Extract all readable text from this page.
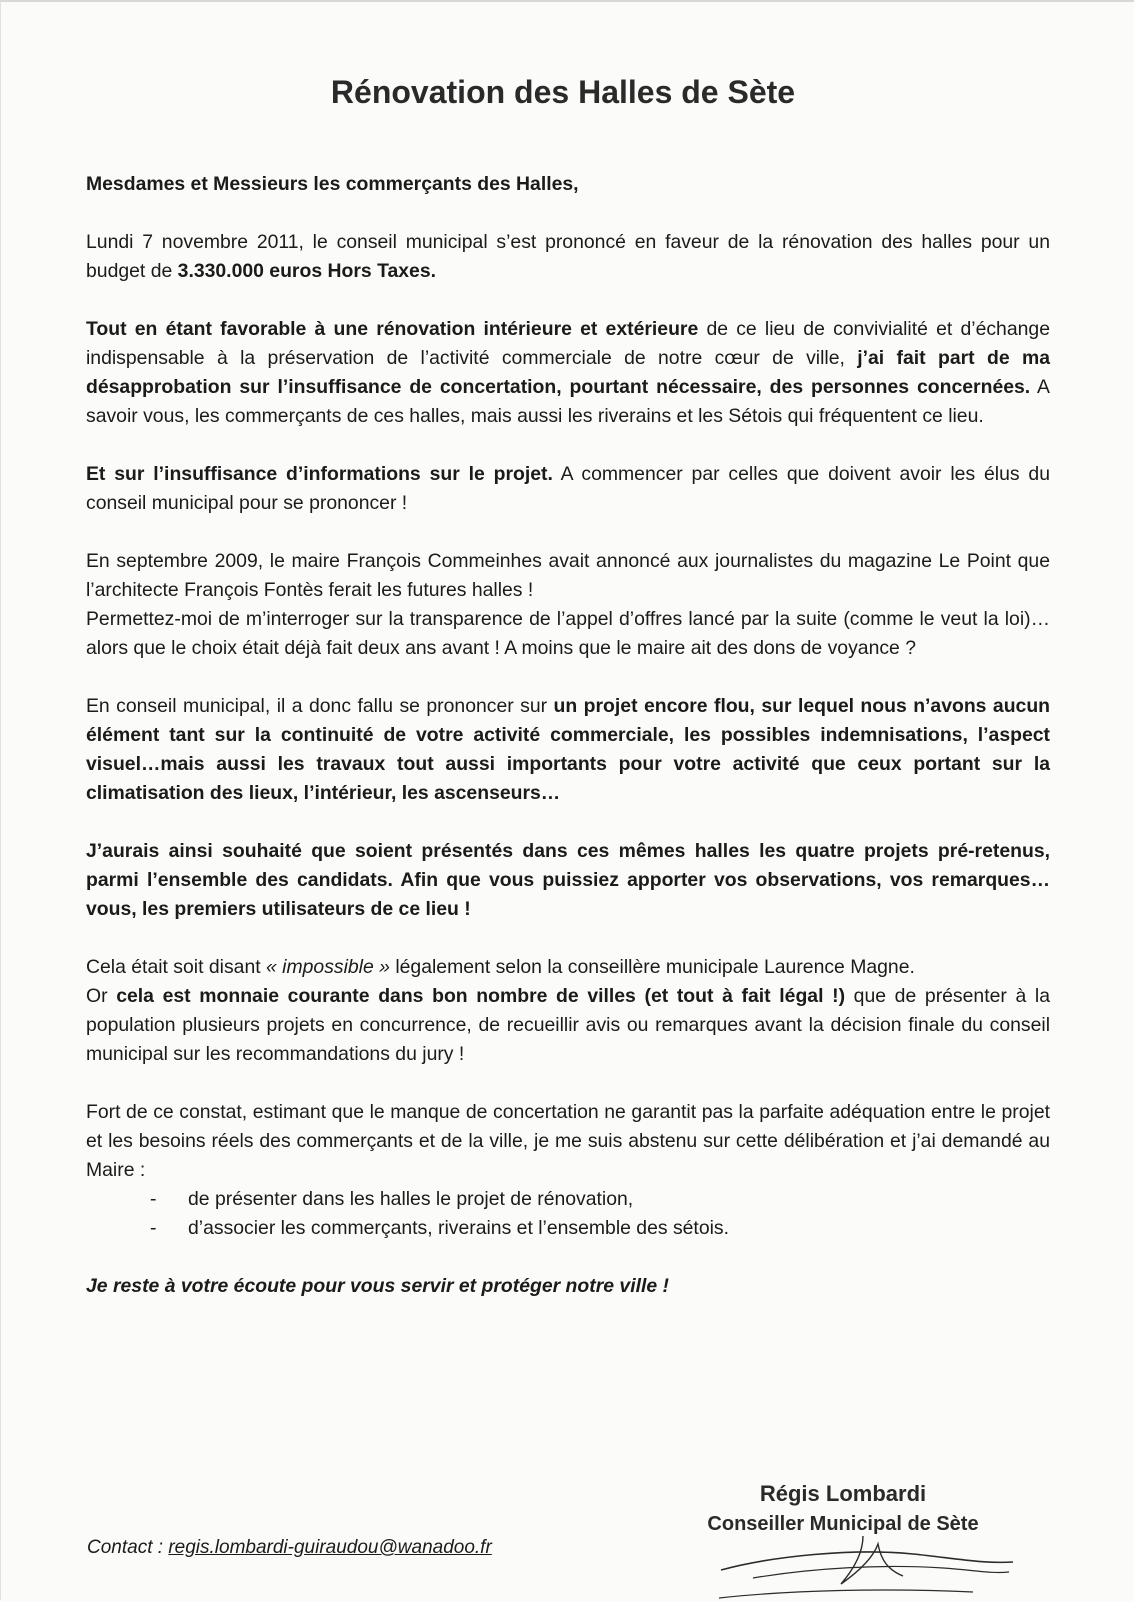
Rénovation des Halles de Sète

Mesdames et Messieurs les commerçants des Halles,

Lundi 7 novembre 2011, le conseil municipal s’est prononcé en faveur de la rénovation des halles pour un budget de 3.330.000 euros Hors Taxes.

Tout en étant favorable à une rénovation intérieure et extérieure de ce lieu de convivialité et d’échange indispensable à la préservation de l’activité commerciale de notre cœur de ville, j’ai fait part de ma désapprobation sur l’insuffisance de concertation, pourtant nécessaire, des personnes concernées. A savoir vous, les commerçants de ces halles, mais aussi les riverains et les Sétois qui fréquentent ce lieu.

Et sur l’insuffisance d’informations sur le projet. A commencer par celles que doivent avoir les élus du conseil municipal pour se prononcer !

En septembre 2009, le maire François Commeinhes avait annoncé aux journalistes du magazine Le Point que l’architecte François Fontès ferait les futures halles !
Permettez-moi de m’interroger sur la transparence de l’appel d’offres lancé par la suite (comme le veut la loi)…alors que le choix était déjà fait deux ans avant ! A moins que le maire ait des dons de voyance ?

En conseil municipal, il a donc fallu se prononcer sur un projet encore flou, sur lequel nous n’avons aucun élément tant sur la continuité de votre activité commerciale, les possibles indemnisations, l’aspect visuel…mais aussi les travaux tout aussi importants pour votre activité que ceux portant sur la climatisation des lieux, l’intérieur, les ascenseurs…

J’aurais ainsi souhaité que soient présentés dans ces mêmes halles les quatre projets pré-retenus, parmi l’ensemble des candidats. Afin que vous puissiez apporter vos observations, vos remarques…vous, les premiers utilisateurs de ce lieu !

Cela était soit disant « impossible » légalement selon la conseillère municipale Laurence Magne.
Or cela est monnaie courante dans bon nombre de villes (et tout à fait légal !) que de présenter à la population plusieurs projets en concurrence, de recueillir avis ou remarques avant la décision finale du conseil municipal sur les recommandations du jury !

Fort de ce constat, estimant que le manque de concertation ne garantit pas la parfaite adéquation entre le projet et les besoins réels des commerçants et de la ville, je me suis abstenu sur cette délibération et j’ai demandé au Maire :

- de présenter dans les halles le projet de rénovation,
- d’associer les commerçants, riverains et l’ensemble des sétois.

Je reste à votre écoute pour vous servir et protéger notre ville !

Régis Lombardi
Conseiller Municipal de Sète
Contact : regis.lombardi-guiraudou@wanadoo.fr
